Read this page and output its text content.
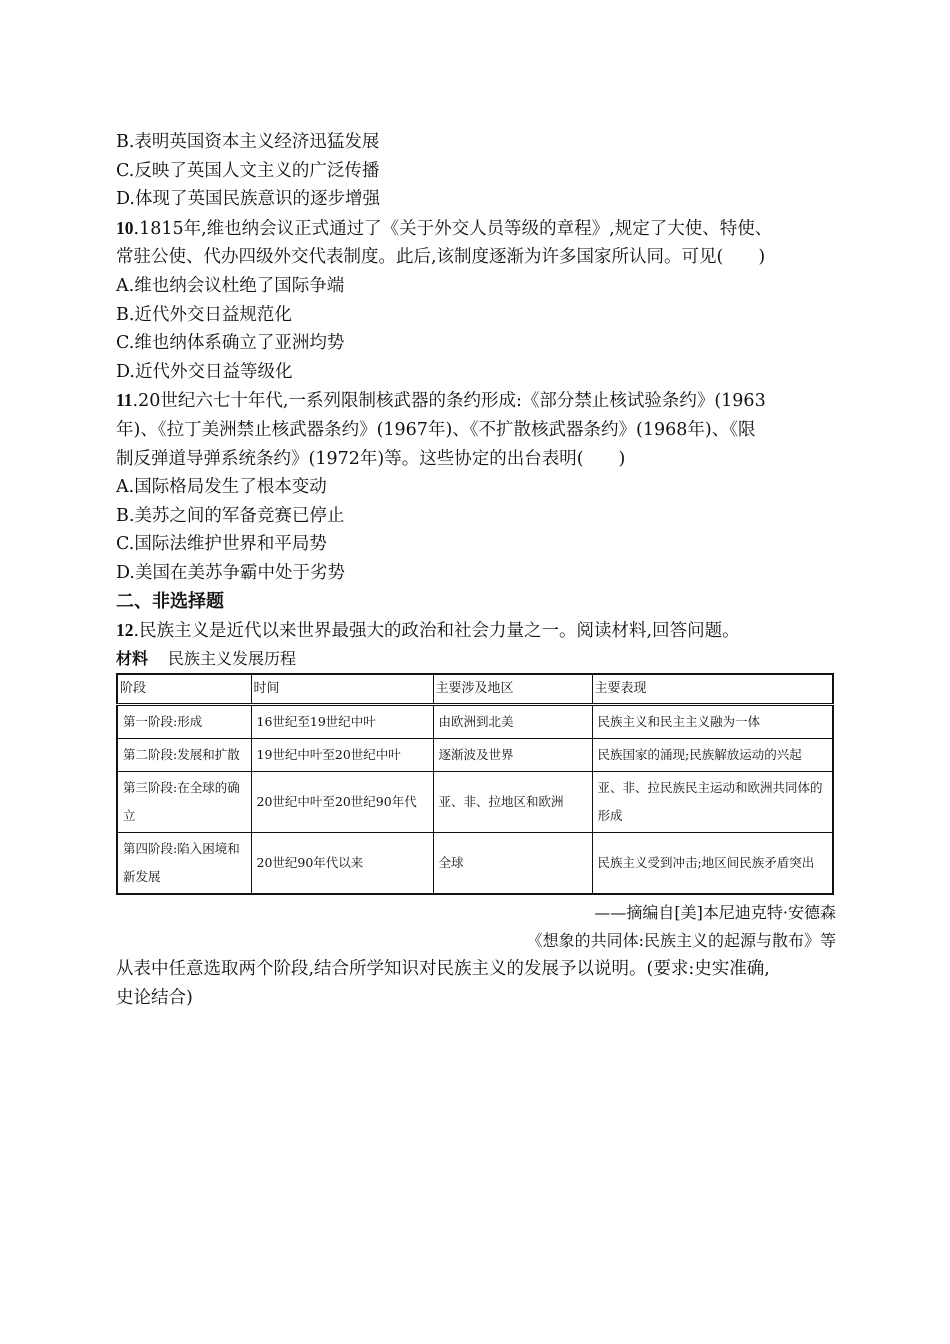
B.表明英国资本主义经济迅猛发展
C.反映了英国人文主义的广泛传播
D.体现了英国民族意识的逐步增强
10.1815年,维也纳会议正式通过了《关于外交人员等级的章程》,规定了大使、特使、
常驻公使、代办四级外交代表制度。此后,该制度逐渐为许多国家所认同。可见(　　)
A.维也纳会议杜绝了国际争端
B.近代外交日益规范化
C.维也纳体系确立了亚洲均势
D.近代外交日益等级化
11.20世纪六七十年代,一系列限制核武器的条约形成:《部分禁止核试验条约》(1963
年)、《拉丁美洲禁止核武器条约》(1967年)、《不扩散核武器条约》(1968年)、《限
制反弹道导弹系统条约》(1972年)等。这些协定的出台表明(　　)
A.国际格局发生了根本变动
B.美苏之间的军备竞赛已停止
C.国际法维护世界和平局势
D.美国在美苏争霸中处于劣势
二、非选择题
12.民族主义是近代以来世界最强大的政治和社会力量之一。阅读材料,回答问题。
材料 民族主义发展历程
阶段	时间	主要涉及地区	主要表现
第一阶段:形成	16世纪至19世纪中叶	由欧洲到北美	民族主义和民主主义融为一体
第二阶段:发展和扩散	19世纪中叶至20世纪中叶	逐渐波及世界	民族国家的涌现;民族解放运动的兴起
第三阶段:在全球的确立	20世纪中叶至20世纪90年代	亚、非、拉地区和欧洲	亚、非、拉民族民主运动和欧洲共同体的形成
第四阶段:陷入困境和新发展	20世纪90年代以来	全球	民族主义受到冲击;地区间民族矛盾突出
——摘编自[美]本尼迪克特·安德森
《想象的共同体:民族主义的起源与散布》等
从表中任意选取两个阶段,结合所学知识对民族主义的发展予以说明。(要求:史实准确,
史论结合)
